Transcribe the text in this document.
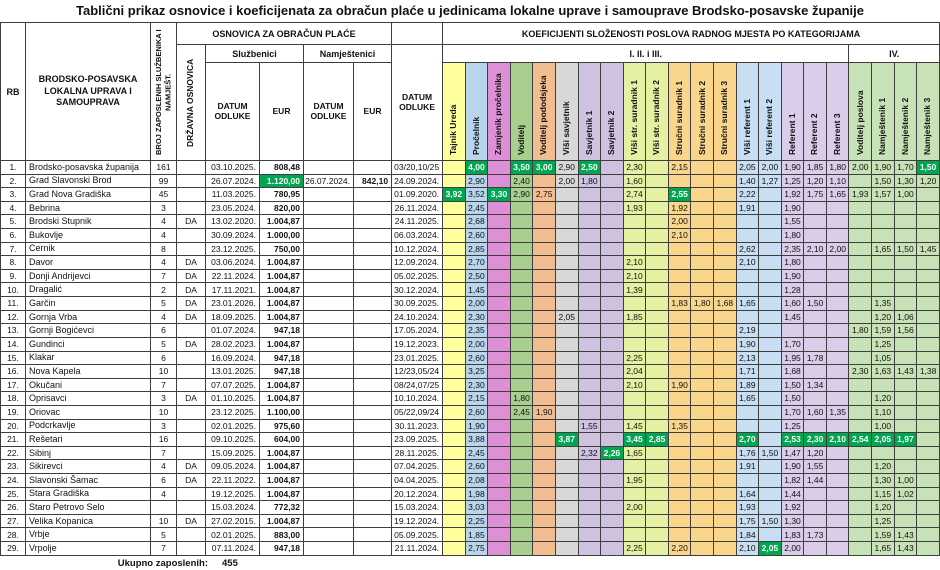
Tablični prikaz osnovice i koeficijenata za obračun plaće u jedinicama lokalne uprave i samouprave Brodsko-posavske županije
RB	BRODSKO-POSAVSKA LOKALNA UPRAVA I SAMOUPRAVA	BROJ ZAPOSLENIH SLUŽBENIKA I NAMJEŠT.	OSNOVICA ZA OBRAČUN PLAĆE						KOEFICIJENTI SLOŽENOSTI POSLOVA RADNOG MJESTA PO KATEGORIJAMA																					

			DRŽAVNA OSNOVICA	Službenici		Namještenici		DATUM ODLUKE	I. II. i III.																		IV.			
				DATUM ODLUKE	EUR	DATUM ODLUKE	EUR		Tajnik Ureda	Pročelnik	Zamjenik pročelnika	Voditelj	Voditelj pododsjeka	Viši savjetnik	Savjetnik 1	Savjetnik 2	Viši str. suradnik 1	Viši str. suradnik 2	Stručni suradnik 1	Stručni suradnik 2	Stručni suradnik 3	Viši referent 1	Viši referent 2	Referent 1	Referent 2	Referent 3	Voditelj poslova	Namještenik 1	Namještenik 2	Namještenik 3

1.	Brodsko-posavska županija	161		03.10.2025.	808,48			03/20,10/25		4,00		3,50	3,00	2,90	2,50		2,30		2,15			2,05	2,00	1,90	1,85	1,80	2,00	1,90	1,70	1,50
2.	Grad Slavonski Brod	99		26.07.2024.	1.120,00	26.07.2024.	842,10	24.09.2024.		2,90		2,40		2,00	1,80		1,60					1,40	1,27	1,25	1,20	1,10		1,50	1,30	1,20
3.	Grad Nova Gradiška	45		11.03.2025.	780,95			01.09.2020.	3,92	3,52	3,30	2,90	2,75				2,74		2,55			2,22		1,92	1,75	1,65	1,93	1,57	1,00	
4.	Bebrina	3		23.05.2024.	820,00			26.11.2024.		2,45							1,93		1,92			1,91		1,90						
5.	Brodski Stupnik	4	DA	13.02.2020.	1.004,87			24.11.2025.		2,68									2,00					1,55						
6.	Bukovlje	4		30.09.2024.	1.000,00			06.03.2024.		2,60									2,10					1,80						
7.	Cernik	8		23.12.2025.	750,00			10.12.2024.		2,85												2,62		2,35	2,10	2,00		1,65	1,50	1,45
8.	Davor	4	DA	03.06.2024.	1.004,87			12.09.2024.		2,70							2,10					2,10		1,80						
9.	Donji Andrijevci	7	DA	22.11.2024.	1.004,87			05.02.2025.		2,50							2,10							1,90						
10.	Dragalić	2	DA	17.11.2021.	1.004,87			30.12.2024.		1,45							1,39							1,28						
11.	Garčin	5	DA	23.01.2026.	1.004,87			30.09.2025.		2,00									1,83	1,80	1,68	1,65		1,60	1,50			1,35		
12.	Gornja Vrba	4	DA	18.09.2025.	1.004,87			24.10.2024.		2,30				2,05			1,85							1,45				1,20	1,06	
13.	Gornji Bogićevci	6		01.07.2024.	947,18			17.05.2024.		2,35												2,19					1,80	1,59	1,56	
14.	Gundinci	5	DA	28.02.2023.	1.004,87			19.12.2023.		2,00												1,90		1,70				1,25		
15.	Klakar	6		16.09.2024.	947,18			23.01.2025.		2,60							2,25					2,13		1,95	1,78			1,05		
16.	Nova Kapela	10		13.01.2025.	947,18			12/23,05/24		3,25							2,04					1,71		1,68			2,30	1,63	1,43	1,38
17.	Okučani	7		07.07.2025.	1.004,87			08/24,07/25		2,30							2,10		1,90			1,89		1,50	1,34					
18.	Oprisavci	3	DA	01.10.2025.	1.004,87			10.10.2024.		2,15		1,80										1,65		1,50				1,20		
19.	Oriovac	10		23.12.2025.	1.100,00			05/22,09/24		2,60		2,45	1,90											1,70	1,60	1,35		1,10		
20.	Podcrkavlje	3		02.01.2025.	975,60			30.11.2023.		1,90					1,55		1,45		1,35					1,25				1,00		
21.	Rešetari	16		09.10.2025.	604,00			23.09.2025.		3,88				3,87			3,45	2,85				2,70		2,53	2,30	2,10	2,54	2,05	1,97	
22.	Sibinj	7		15.09.2025.	1.004,87			28.11.2025.		2,45					2,32	2,26	1,65					1,76	1,50	1,47	1,20					
23.	Sikirevci	4	DA	09.05.2024.	1.004,87			07.04.2025.		2,60												1,91		1,90	1,55			1,20		
24.	Slavonski Šamac	6	DA	22.11.2022.	1.004,87			04.04.2025.		2,08							1,95							1,82	1,44			1,30	1,00	
25.	Stara Gradiška	4		19.12.2025.	1.004,87			20.12.2024.		1,98												1,64		1,44				1,15	1,02	
26.	Staro Petrovo Selo			15.03.2024.	772,32			15.03.2024.		3,03							2,00					1,93		1,92				1,20		
27.	Velika Kopanica	10	DA	27.02.2015.	1.004,87			19.12.2024.		2,25												1,75	1,50	1,30				1,25		
28.	Vrbje	5		02.01.2025.	883,00			05.09.2025.		1,85												1,84		1,83	1,73			1,59	1,43	
29.	Vrpolje	7		07.11.2024.	947,18			21.11.2024.		2,75							2,25		2,20			2,10	2,05	2,00				1,65	1,43	
Ukupno zaposlenih: 455
